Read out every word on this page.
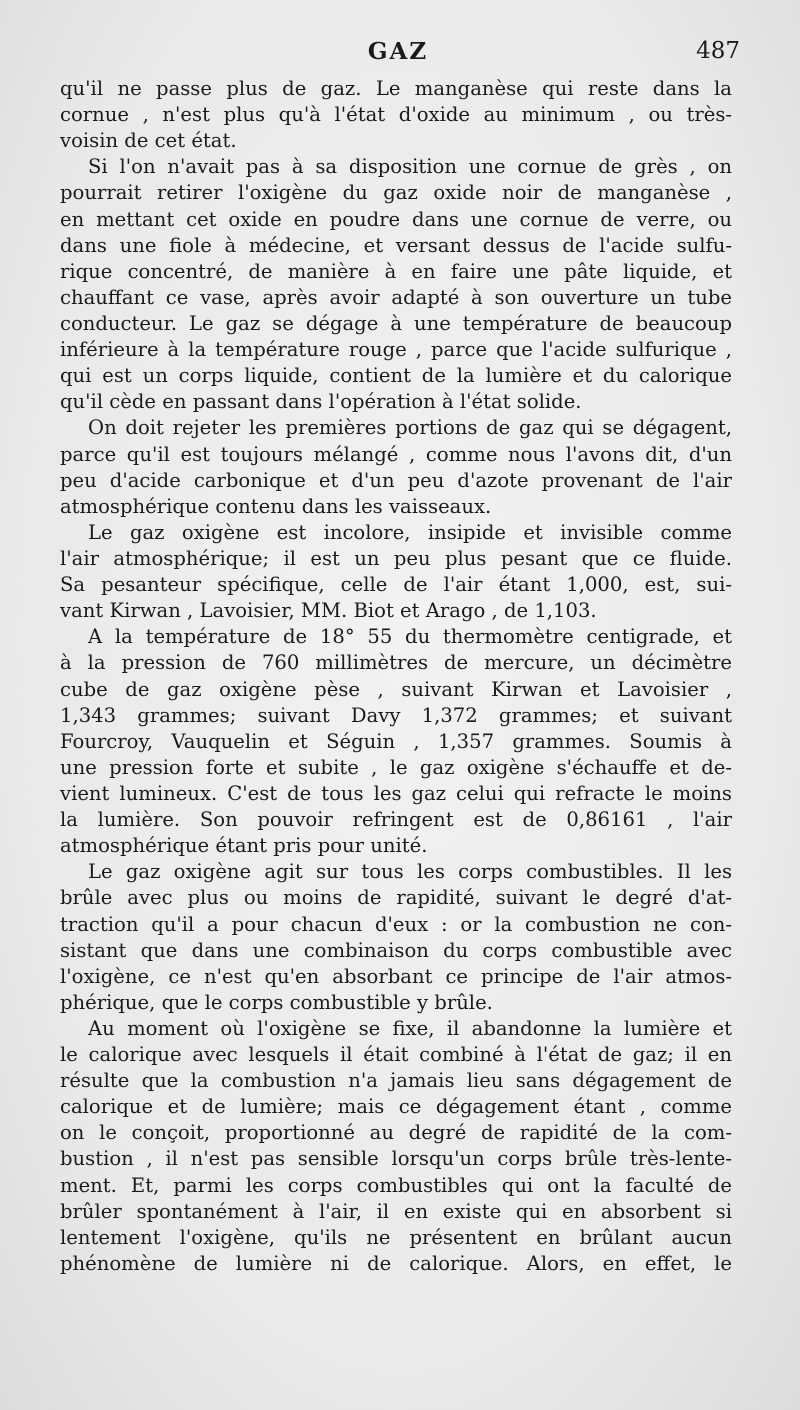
GAZ	487
qu'il ne passe plus de gaz. Le manganèse qui reste dans la
cornue , n'est plus qu'à l'état d'oxide au minimum , ou très-
voisin de cet état.
Si l'on n'avait pas à sa disposition une cornue de grès , on
pourrait retirer l'oxigène du gaz oxide noir de manganèse ,
en mettant cet oxide en poudre dans une cornue de verre, ou
dans une fiole à médecine, et versant dessus de l'acide sulfu-
rique concentré, de manière à en faire une pâte liquide, et
chauffant ce vase, après avoir adapté à son ouverture un tube
conducteur. Le gaz se dégage à une température de beaucoup
inférieure à la température rouge , parce que l'acide sulfurique ,
qui est un corps liquide, contient de la lumière et du calorique
qu'il cède en passant dans l'opération à l'état solide.
On doit rejeter les premières portions de gaz qui se dégagent,
parce qu'il est toujours mélangé , comme nous l'avons dit, d'un
peu d'acide carbonique et d'un peu d'azote provenant de l'air
atmosphérique contenu dans les vaisseaux.
Le gaz oxigène est incolore, insipide et invisible comme
l'air atmosphérique; il est un peu plus pesant que ce fluide.
Sa pesanteur spécifique, celle de l'air étant 1,000, est, sui-
vant Kirwan , Lavoisier, MM. Biot et Arago , de 1,103.
A la température de 18° 55 du thermomètre centigrade, et
à la pression de 760 millimètres de mercure, un décimètre
cube de gaz oxigène pèse , suivant Kirwan et Lavoisier ,
1,343 grammes; suivant Davy 1,372 grammes; et suivant
Fourcroy, Vauquelin et Séguin , 1,357 grammes. Soumis à
une pression forte et subite , le gaz oxigène s'échauffe et de-
vient lumineux. C'est de tous les gaz celui qui refracte le moins
la lumière. Son pouvoir refringent est de 0,86161 , l'air
atmosphérique étant pris pour unité.
Le gaz oxigène agit sur tous les corps combustibles. Il les
brûle avec plus ou moins de rapidité, suivant le degré d'at-
traction qu'il a pour chacun d'eux : or la combustion ne con-
sistant que dans une combinaison du corps combustible avec
l'oxigène, ce n'est qu'en absorbant ce principe de l'air atmos-
phérique, que le corps combustible y brûle.
Au moment où l'oxigène se fixe, il abandonne la lumière et
le calorique avec lesquels il était combiné à l'état de gaz; il en
résulte que la combustion n'a jamais lieu sans dégagement de
calorique et de lumière; mais ce dégagement étant , comme
on le conçoit, proportionné au degré de rapidité de la com-
bustion , il n'est pas sensible lorsqu'un corps brûle très-lente-
ment. Et, parmi les corps combustibles qui ont la faculté de
brûler spontanément à l'air, il en existe qui en absorbent si
lentement l'oxigène, qu'ils ne présentent en brûlant aucun
phénomène de lumière ni de calorique. Alors, en effet, le
